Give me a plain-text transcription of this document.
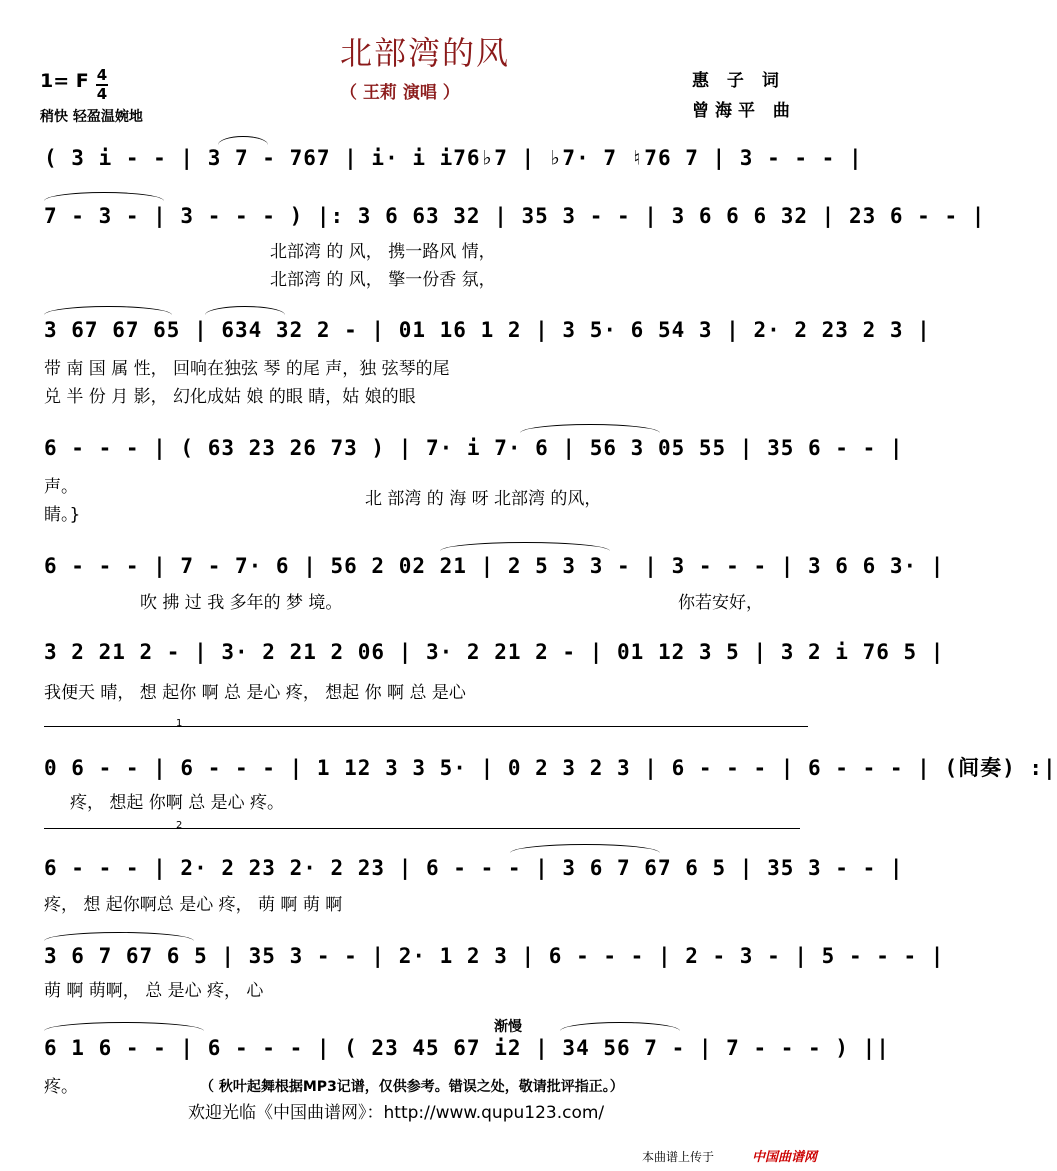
北部湾的风
（ 王莉 演唱 ）
1= F 4
4
稍快 轻盈温婉地
惠 子 词
曾海平 曲
( 3 i - - | 3 7 - 767 | i· i i76♭7 | ♭7· 7 ♮76 7 | 3 - - - |
7 - 3 - | 3 - - - ) |: 3 6 63 32 | 35 3 - - | 3 6 6 6 32 | 23 6 - - |
北部湾 的 风， 携一路风 情，
北部湾 的 风， 擎一份香 氛，
3 67 67 65 | 634 32 2 - | 01 16 1 2 | 3 5· 6 54 3 | 2· 2 23 2 3 |
带 南 国 属 性， 回响在独弦 琴 的尾 声，独 弦琴的尾
兑 半 份 月 影， 幻化成姑 娘 的眼 睛，姑 娘的眼
6 - - - | ( 63 23 26 73 ) | 7· i 7· 6 | 56 3 05 55 | 35 6 - - |
声。
睛。}
北 部湾 的 海 呀 北部湾 的风，
6 - - - | 7 - 7· 6 | 56 2 02 21 | 2 5 3 3 - | 3 - - - | 3 6 6 3· |
吹 拂 过 我 多年的 梦 境。	你若安好，
3 2 21 2 - | 3· 2 21 2 06 | 3· 2 21 2 - | 01 12 3 5 | 3 2 i 76 5 |
我便天 晴， 想 起你 啊 总 是心 疼， 想起 你 啊 总 是心
1
0 6 - - | 6 - - - | 1 12 3 3 5· | 0 2 3 2 3 | 6 - - - | 6 - - - | (间奏) :|
疼， 想起 你啊 总 是心 疼。
2
6 - - - | 2· 2 23 2· 2 23 | 6 - - - | 3 6 7 67 6 5 | 35 3 - - |
疼， 想 起你啊总 是心 疼， 萌 啊 萌 啊
3 6 7 67 6 5 | 35 3 - - | 2· 1 2 3 | 6 - - - | 2 - 3 - | 5 - - - |
萌 啊 萌啊， 总 是心 疼， 心
渐慢
6 1 6 - - | 6 - - - | ( 23 45 67 i2 | 34 56 7 - | 7 - - - ) ||
疼。	（ 秋叶起舞根据MP3记谱，仅供参考。错误之处，敬请批评指正。）
欢迎光临《中国曲谱网》：http://www.qupu123.com/
本曲谱上传于	中国曲谱网
